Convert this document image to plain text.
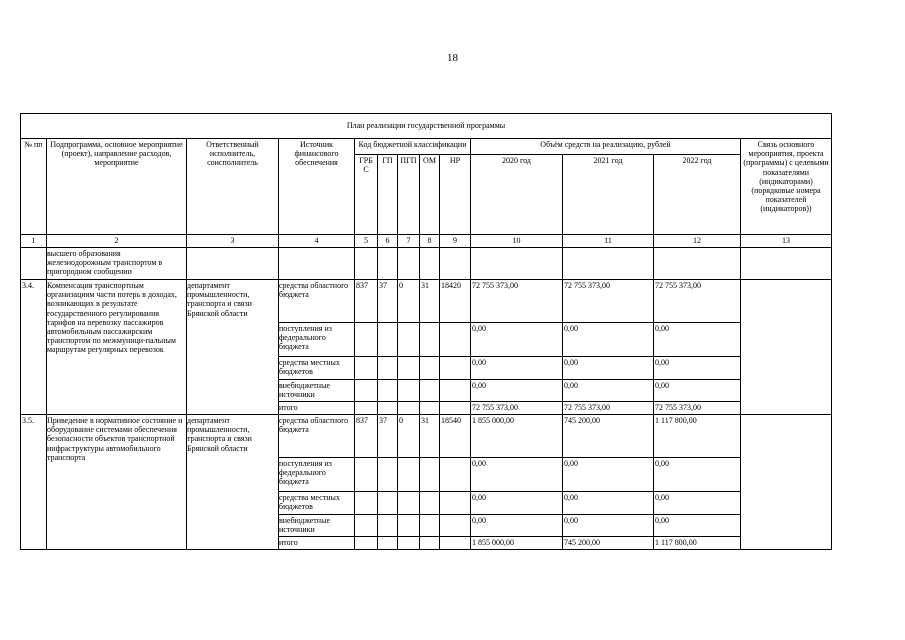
18
План реализации государственной программы												
№ пп	Подпрограмма, основное мероприятие (проект), направление расходов, мероприятие	Ответственный исполнитель, соисполнитель	Источник финансового обеспечения	Код бюджетной классификации					Объём средств на реализацию, рублей			Связь основного мероприятия, проекта (программы) с целевыми показателями (индикаторами) (порядковые номера показателей (индикаторов))
				ГРБС	ГП	ПГП	ОМ	НР	2020 год	2021 год	2022 год	
1	2	3	4	5	6	7	8	9	10	11	12	13
	высшего образования железнодорожным транспортом в пригородном сообщении											
3.4.	Компенсация транспортным организациям части потерь в доходах, возникающих в результате государственного регулирования тарифов на перевозку пассажиров автомобильным пассажирским транспортом по межмуници-пальным маршрутам регулярных перевозок	департамент промышленности, транспорта и связи Брянской области	средства областного бюджета	837	37	0	31	18420	72 755 373,00	72 755 373,00	72 755 373,00	
			поступления из федерального бюджета						0,00	0,00	0,00	
			средства местных бюджетов						0,00	0,00	0,00	
			внебюджетные источники						0,00	0,00	0,00	
			итого						72 755 373,00	72 755 373,00	72 755 373,00	
3.5.	Приведение в нормативное состояние и оборудование системами обеспечения безопасности объектов транспортной инфраструктуры автомобильного транспорта	департамент промышленности, транспорта и связи Брянской области	средства областного бюджета	837	37	0	31	18540	1 855 000,00	745 200,00	1 117 800,00	
			поступления из федерального бюджета						0,00	0,00	0,00	
			средства местных бюджетов						0,00	0,00	0,00	
			внебюджетные источники						0,00	0,00	0,00	
			итого						1 855 000,00	745 200,00	1 117 800,00	
